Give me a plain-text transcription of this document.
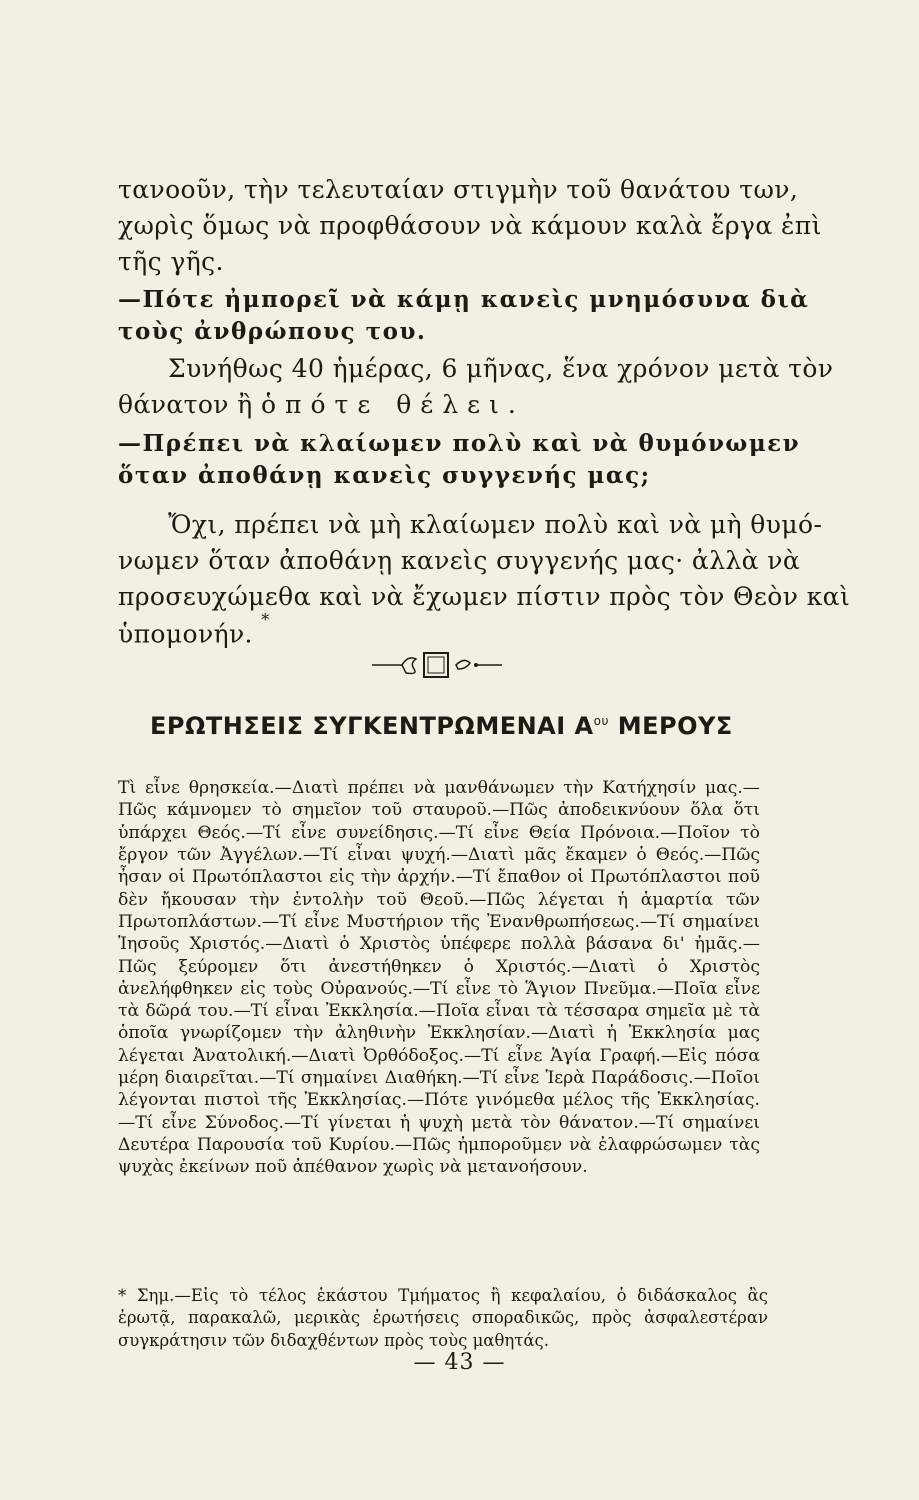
τανοοῦν, τὴν τελευταίαν στιγμὴν τοῦ θανάτου των,

χωρὶς ὅμως νὰ προφθάσουν νὰ κάμουν καλὰ ἔργα ἐπὶ

τῆς γῆς.

—Πότε ἠμπορεῖ νὰ κάμῃ κανεὶς μνημόσυνα διὰ

τοὺς ἀνθρώπους του.

Συνήθως 40 ἡμέρας, 6 μῆνας, ἕνα χρόνον μετὰ τὸν

θάνατον ἢ ὁπότε θέλει.

—Πρέπει νὰ κλαίωμεν πολὺ καὶ νὰ θυμόνωμεν

ὅταν ἀποθάνῃ κανεὶς συγγενής μας;

Ὄχι, πρέπει νὰ μὴ κλαίωμεν πολὺ καὶ νὰ μὴ θυμό-

νωμεν ὅταν ἀποθάνῃ κανεὶς συγγενής μας· ἀλλὰ νὰ

προσευχώμεθα καὶ νὰ ἔχωμεν πίστιν πρὸς τὸν Θεὸν καὶ

ὑπομονήν. *

ΕΡΩΤΗΣΕΙΣ ΣΥΓΚΕΝΤΡΩΜΕΝΑΙ $A^{o\upsilon}$ ΜΕΡΟΥΣ

Τὶ εἶνε θρησκεία.—Διατὶ πρέπει νὰ μανθάνωμεν τὴν Κατήχησίν μας.—Πῶς κάμνομεν τὸ σημεῖον τοῦ σταυροῦ.—Πῶς ἀποδεικνύουν ὅλα ὅτι ὑπάρχει Θεός.—Τί εἶνε συνείδησις.—Τί εἶνε Θεία Πρόνοια.—Ποῖον τὸ ἔργον τῶν Ἀγγέλων.—Τί εἶναι ψυχή.—Διατὶ μᾶς ἔκαμεν ὁ Θεός.—Πῶς ἦσαν οἱ Πρωτόπλαστοι εἰς τὴν ἀρχήν.—Τί ἔπαθον οἱ Πρωτόπλαστοι ποῦ δὲν ἤκουσαν τὴν ἐντολὴν τοῦ Θεοῦ.—Πῶς λέγεται ἡ ἁμαρτία τῶν Πρωτοπλάστων.—Τί εἶνε Μυστήριον τῆς Ἐνανθρωπήσεως.—Τί σημαίνει Ἰησοῦς Χριστός.—Διατὶ ὁ Χριστὸς ὑπέφερε πολλὰ βάσανα δι' ἡμᾶς.—Πῶς ξεύρομεν ὅτι ἀνεστήθηκεν ὁ Χριστός.—Διατὶ ὁ Χριστὸς ἀνελήφθηκεν εἰς τοὺς Οὐρανούς.—Τί εἶνε τὸ Ἅγιον Πνεῦμα.—Ποῖα εἶνε τὰ δῶρά του.—Τί εἶναι Ἐκκλησία.—Ποῖα εἶναι τὰ τέσσαρα σημεῖα μὲ τὰ ὁποῖα γνωρίζομεν τὴν ἀληθινὴν Ἐκκλησίαν.—Διατὶ ἡ Ἐκκλησία μας λέγεται Ἀνατολική.—Διατὶ Ὀρθόδοξος.—Τί εἶνε Ἁγία Γραφή.—Εἰς πόσα μέρη διαιρεῖται.—Τί σημαίνει Διαθήκη.—Τί εἶνε Ἱερὰ Παράδοσις.—Ποῖοι λέγονται πιστοὶ τῆς Ἐκκλησίας.—Πότε γινόμεθα μέλος τῆς Ἐκκλησίας.—Τί εἶνε Σύνοδος.—Τί γίνεται ἡ ψυχὴ μετὰ τὸν θάνατον.—Τί σημαίνει Δευτέρα Παρουσία τοῦ Κυρίου.—Πῶς ἠμποροῦμεν νὰ ἐλαφρώσωμεν τὰς ψυχὰς ἐκείνων ποῦ ἀπέθανον χωρὶς νὰ μετανοήσουν.

* Σημ.—Εἰς τὸ τέλος ἑκάστου Τμήματος ἢ κεφαλαίου, ὁ διδάσκαλος ἂς ἐρωτᾷ, παρακαλῶ, μερικὰς ἐρωτήσεις σποραδικῶς, πρὸς ἀσφαλεστέραν συγκράτησιν τῶν διδαχθέντων πρὸς τοὺς μαθητάς.

— 43 —
